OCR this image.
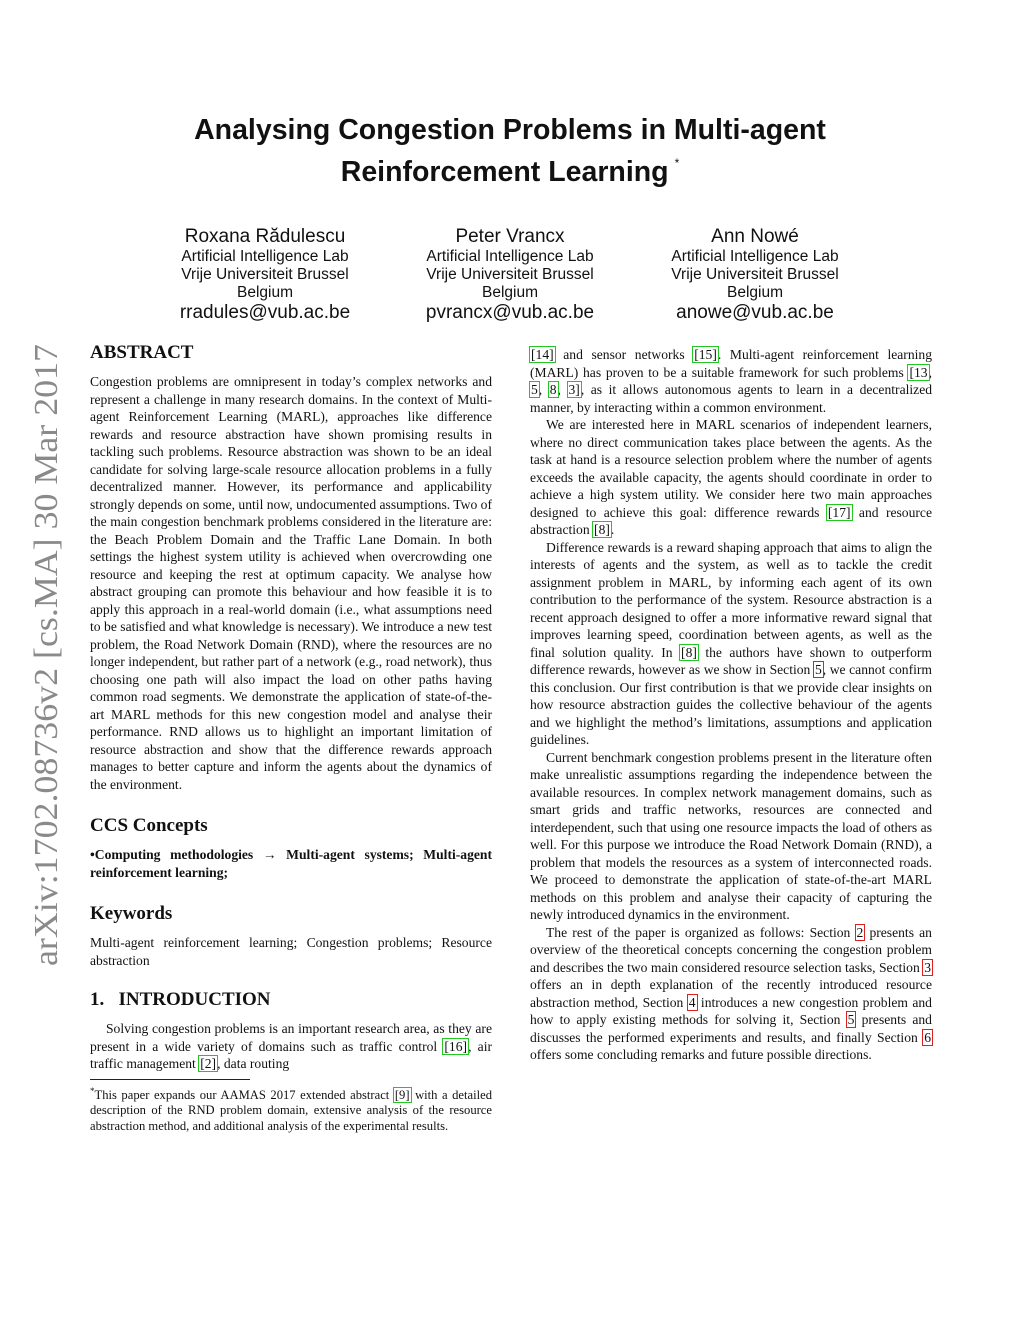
arXiv:1702.08736v2 [cs.MA] 30 Mar 2017
Analysing Congestion Problems in Multi-agent
Reinforcement Learning *
Roxana Rădulescu
Artificial Intelligence Lab
Vrije Universiteit Brussel
Belgium
rradules@vub.ac.be
Peter Vrancx
Artificial Intelligence Lab
Vrije Universiteit Brussel
Belgium
pvrancx@vub.ac.be
Ann Nowé
Artificial Intelligence Lab
Vrije Universiteit Brussel
Belgium
anowe@vub.ac.be
ABSTRACT

Congestion problems are omnipresent in today’s complex networks and represent a challenge in many research domains. In the context of Multi-agent Reinforcement Learning (MARL), approaches like difference rewards and resource abstraction have shown promising results in tackling such problems. Resource abstraction was shown to be an ideal candidate for solving large-scale resource allocation problems in a fully decentralized manner. However, its performance and applicability strongly depends on some, until now, undocumented assumptions. Two of the main congestion benchmark problems considered in the literature are: the Beach Problem Domain and the Traffic Lane Domain. In both settings the highest system utility is achieved when overcrowding one resource and keeping the rest at optimum capacity. We analyse how abstract grouping can promote this behaviour and how feasible it is to apply this approach in a real-world domain (i.e., what assumptions need to be satisfied and what knowledge is necessary). We introduce a new test problem, the Road Network Domain (RND), where the resources are no longer independent, but rather part of a network (e.g., road network), thus choosing one path will also impact the load on other paths having common road segments. We demonstrate the application of state-of-the-art MARL methods for this new congestion model and analyse their performance. RND allows us to highlight an important limitation of resource abstraction and show that the difference rewards approach manages to better capture and inform the agents about the dynamics of the environment.

CCS Concepts

•Computing methodologies → Multi-agent systems; Multi-agent reinforcement learning;

Keywords

Multi-agent reinforcement learning; Congestion problems; Resource abstraction

1.   INTRODUCTION

Solving congestion problems is an important research area, as they are present in a wide variety of domains such as traffic control [16], air traffic management [2], data routing

*This paper expands our AAMAS 2017 extended abstract [9] with a detailed description of the RND problem domain, extensive analysis of the resource abstraction method, and additional analysis of the experimental results.

[14] and sensor networks [15]. Multi-agent reinforcement learning (MARL) has proven to be a suitable framework for such problems [13, 5, 8, 3], as it allows autonomous agents to learn in a decentralized manner, by interacting within a common environment.

We are interested here in MARL scenarios of independent learners, where no direct communication takes place between the agents. As the task at hand is a resource selection problem where the number of agents exceeds the available capacity, the agents should coordinate in order to achieve a high system utility. We consider here two main approaches designed to achieve this goal: difference rewards [17] and resource abstraction [8].

Difference rewards is a reward shaping approach that aims to align the interests of agents and the system, as well as to tackle the credit assignment problem in MARL, by informing each agent of its own contribution to the performance of the system. Resource abstraction is a recent approach designed to offer a more informative reward signal that improves learning speed, coordination between agents, as well as the final solution quality. In [8] the authors have shown to outperform difference rewards, however as we show in Section 5, we cannot confirm this conclusion. Our first contribution is that we provide clear insights on how resource abstraction guides the collective behaviour of the agents and we highlight the method’s limitations, assumptions and application guidelines.

Current benchmark congestion problems present in the literature often make unrealistic assumptions regarding the independence between the available resources. In complex network management domains, such as smart grids and traffic networks, resources are connected and interdependent, such that using one resource impacts the load of others as well. For this purpose we introduce the Road Network Domain (RND), a problem that models the resources as a system of interconnected roads. We proceed to demonstrate the application of state-of-the-art MARL methods on this problem and analyse their capacity of capturing the newly introduced dynamics in the environment.

The rest of the paper is organized as follows: Section 2 presents an overview of the theoretical concepts concerning the congestion problem and describes the two main considered resource selection tasks, Section 3 offers an in depth explanation of the recently introduced resource abstraction method, Section 4 introduces a new congestion problem and how to apply existing methods for solving it, Section 5 presents and discusses the performed experiments and results, and finally Section 6 offers some concluding remarks and future possible directions.
